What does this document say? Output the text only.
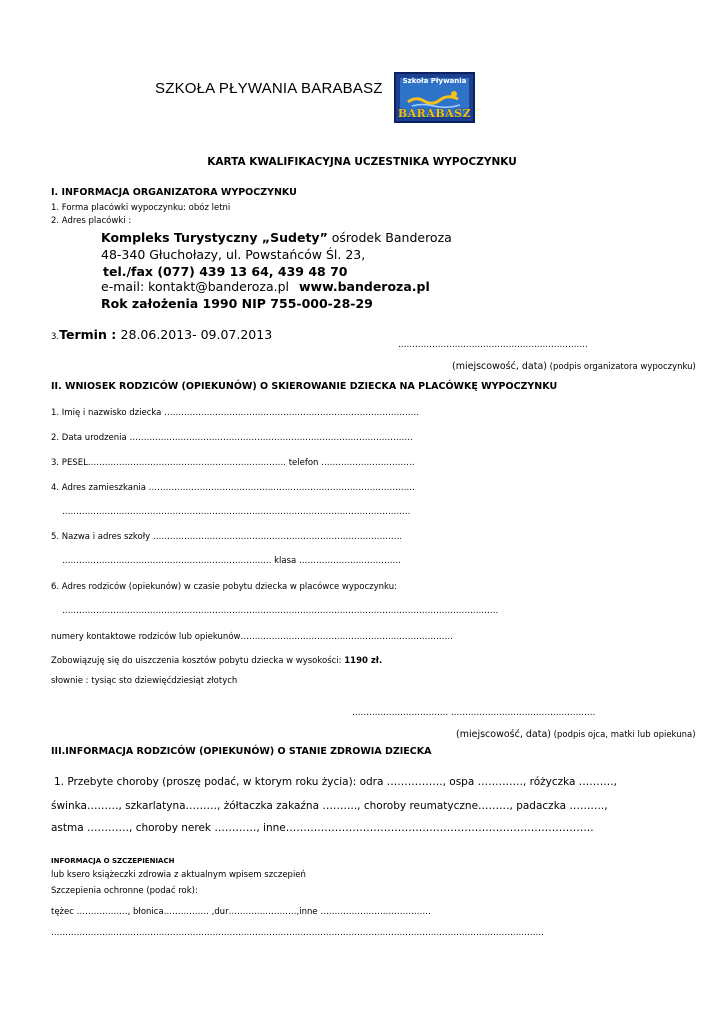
SZKOŁA PŁYWANIA BARABASZ	Szkoła Pływania
BARABASZ
KARTA KWALIFIKACYJNA UCZESTNIKA WYPOCZYNKU
I. INFORMACJA ORGANIZATORA WYPOCZYNKU
1. Forma placówki wypoczynku: obóz letni
2. Adres placówki :
Kompleks Turystyczny „Sudety” ośrodek Banderoza
48-340 Głuchołazy, ul. Powstańców Śl. 23,
tel./fax (077) 439 13 64, 439 48 70
e-mail: kontakt@banderoza.pl www.banderoza.pl
Rok założenia 1990 NIP 755-000-28-29
3.Termin : 28.06.2013- 09.07.2013
………………………………………………………….
(miejscowość, data) (podpis organizatora wypoczynku)
II. WNIOSEK RODZICÓW (OPIEKUNÓW) O SKIEROWANIE DZIECKA NA PLACÓWKĘ WYPOCZYNKU
1. Imię i nazwisko dziecka ………………………………………………………………………………
2. Data urodzenia ……………………………………………………………………………………….
3. PESEL……………………………………………………………. telefon ……………………………
4. Adres zamieszkania ………………………………………………………………………………….
……………………………………………………………………………………………………………
5. Nazwa i adres szkoły …………………………………………………………………………….
……………………………………………………………….. klasa ………………………………
6. Adres rodziców (opiekunów) w czasie pobytu dziecka w placówce wypoczynku:
……………………………………………………………………………………………………………………………………….
numery kontaktowe rodziców lub opiekunów…………………………………………………………………
Zobowiązuję się do uiszczenia kosztów pobytu dziecka w wysokości: 1190 zł.
słownie : tysiąc sto dziewięćdziesiąt złotych
……………………………. ……………………………………………
(miejscowość, data) (podpis ojca, matki lub opiekuna)
III.INFORMACJA RODZICÓW (OPIEKUNÓW) O STANIE ZDROWIA DZIECKA
1. Przebyte choroby (proszę podać, w ktorym roku życia): odra ……………., ospa …………., różyczka ……….,
świnka………, szkarlatyna………, żółtaczka zakaźna ………., choroby reumatyczne………, padaczka ……….,
astma …………, choroby nerek …………, inne…………………………………………………………………………….
INFORMACJA O SZCZEPIENIACH
lub ksero książeczki zdrowia z aktualnym wpisem szczepień
Szczepienia ochronne (podać rok):
tężec ………………, błonica……………. ,dur……………………,inne …………………………………
…………………………………………………………………………………………………………………………………………………………
